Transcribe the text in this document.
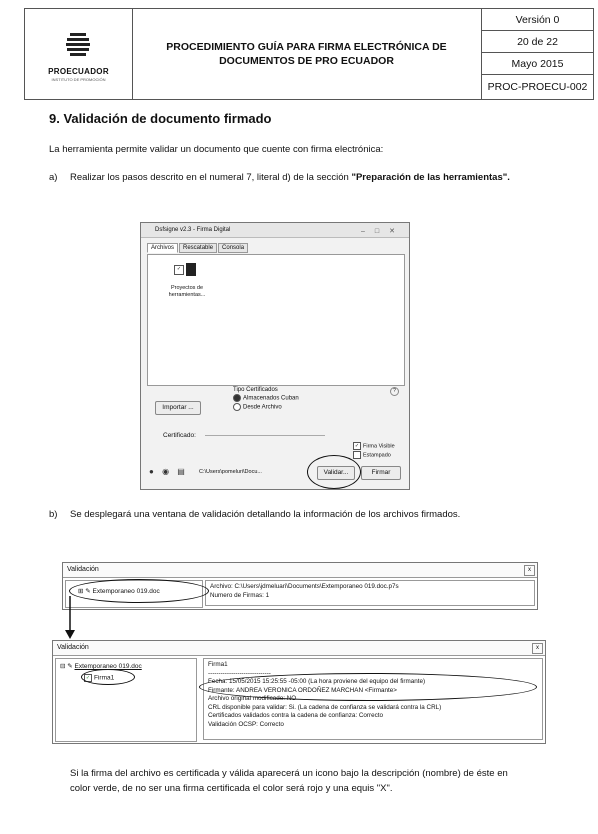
PROECUADOR
INSTITUTO DE PROMOCIÓN
PROCEDIMIENTO GUÍA PARA FIRMA ELECTRÓNICA DE DOCUMENTOS DE PRO ECUADOR
Versión 0
20 de 22
Mayo 2015
PROC-PROECU-002
9. Validación de documento firmado
La herramienta permite validar un documento que cuente con firma electrónica:
a) Realizar los pasos descrito en el numeral 7, literal d) de la sección "Preparación de las herramientas".
Dsfsigne v2.3 - Firma Digital	–□✕
Archivos Rescatable Consola
✓
Proyectos de herramientas...
Importar ...
Tipo Certificados
Almacenados Cuban
Desde Archivo
?
Certificado:
✓ Firma Visible
Estampado
● ◉ ▤	C:\Users\pomeluri\Docu...	Validar...	Firmar
b) Se desplegará una ventana de validación detallando la información de los archivos firmados.
Validación	x
⊞ ✎ Extemporaneo 019.doc
Archivo: C:\Users\jdmeluari\Documents\Extemporaneo 019.doc.p7s
Numero de Firmas: 1
Validación	x
⊟ ✎ Extemporaneo 019.doc
✓ Firma1
Firma1
------------------------------
Fecha: 15/05/2015 15:25:55 -05:00 (La hora proviene del equipo del firmante)
Firmante: ANDREA VERONICA ORDOÑEZ MARCHAN <Firmante>
Archivo original modificado: NO
CRL disponible para validar: Si. (La cadena de confianza se validará contra la CRL)
Certificados validados contra la cadena de confianza: Correcto
Validación OCSP: Correcto
Si la firma del archivo es certificada y válida aparecerá un icono bajo la descripción (nombre) de éste en color verde, de no ser una firma certificada el color será rojo y una equis "X".
